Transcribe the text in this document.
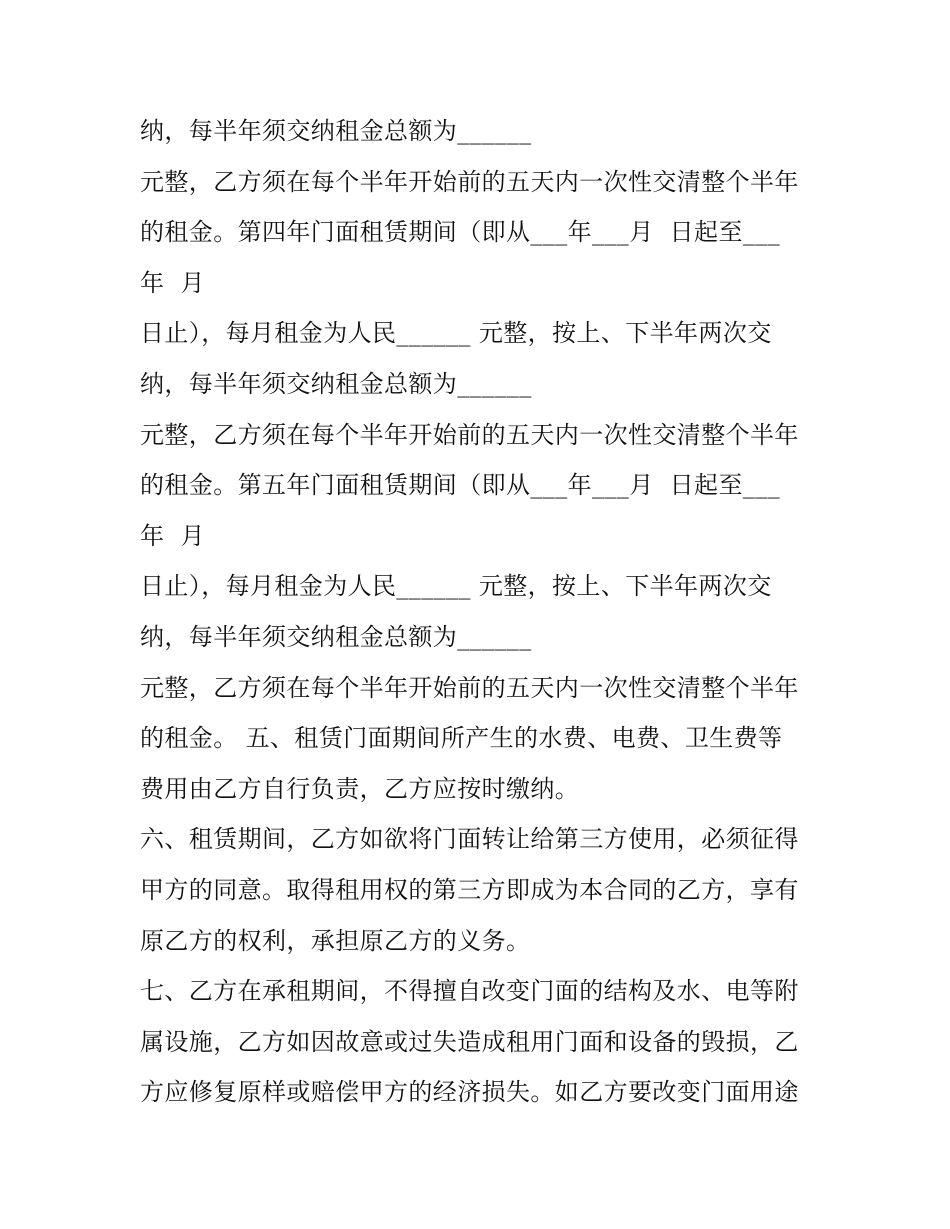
纳，每半年须交纳租金总额为______

元整，乙方须在每个半年开始前的五天内一次性交清整个半年

的租金。第四年门面租赁期间（即从___年___月  日起至___

年  月

日止），每月租金为人民______ 元整，按上、下半年两次交

纳，每半年须交纳租金总额为______

元整，乙方须在每个半年开始前的五天内一次性交清整个半年

的租金。第五年门面租赁期间（即从___年___月  日起至___

年  月

日止），每月租金为人民______ 元整，按上、下半年两次交

纳，每半年须交纳租金总额为______

元整，乙方须在每个半年开始前的五天内一次性交清整个半年

的租金。 五、租赁门面期间所产生的水费、电费、卫生费等

费用由乙方自行负责，乙方应按时缴纳。

六、租赁期间，乙方如欲将门面转让给第三方使用，必须征得

甲方的同意。取得租用权的第三方即成为本合同的乙方，享有

原乙方的权利，承担原乙方的义务。

七、乙方在承租期间，不得擅自改变门面的结构及水、电等附

属设施，乙方如因故意或过失造成租用门面和设备的毁损，乙

方应修复原样或赔偿甲方的经济损失。如乙方要改变门面用途
